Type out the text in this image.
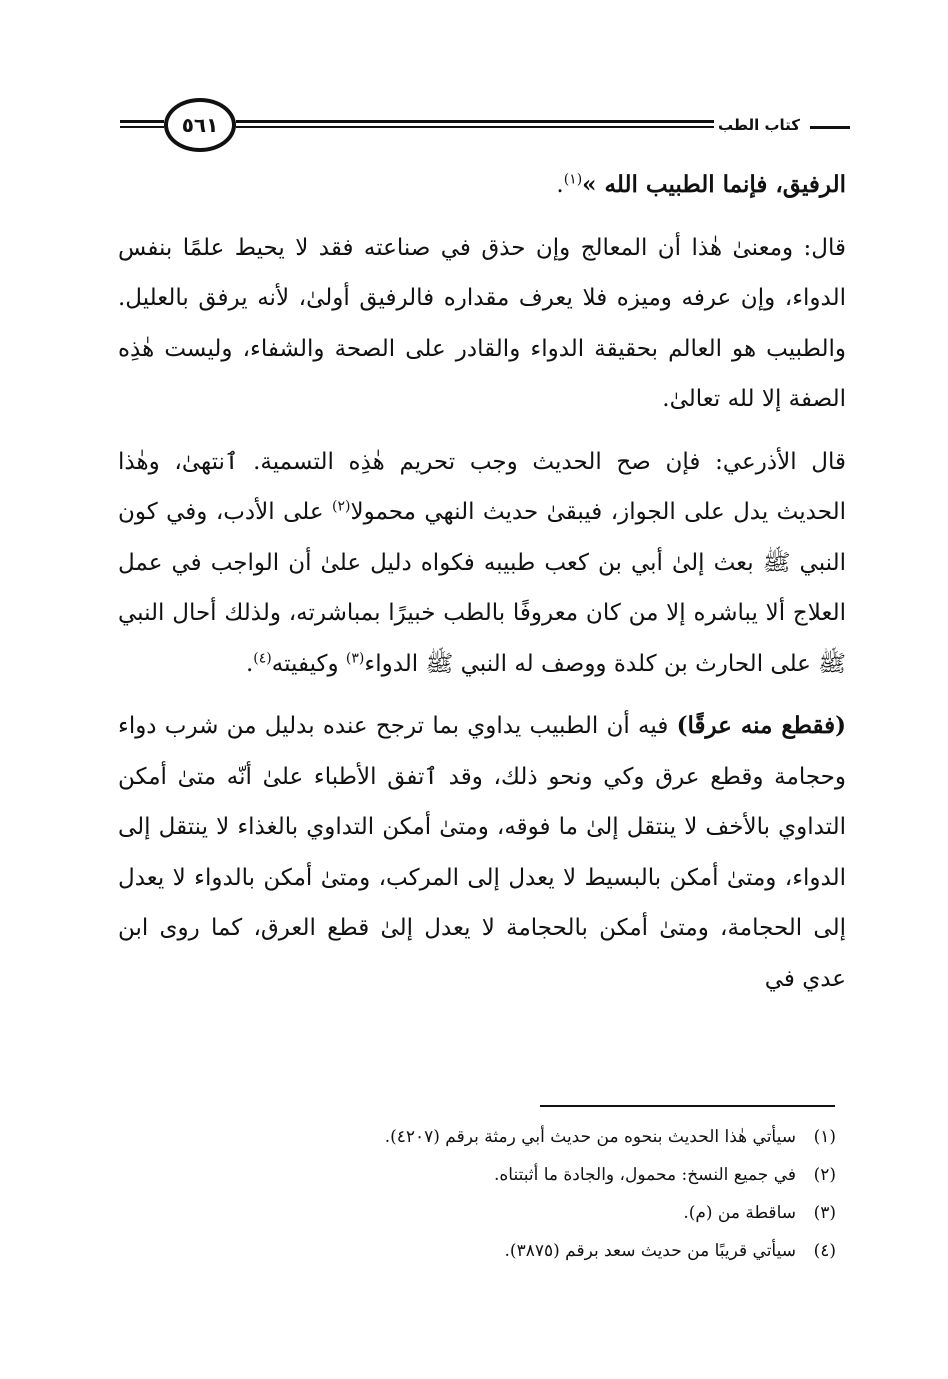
كتاب الطب
٥٦١

الرفيق، فإنما الطبيب الله »$^{(١)}$.

قال: ومعنىٰ هٰذا أن المعالج وإن حذق في صناعته فقد لا يحيط علمًا بنفس الدواء، وإن عرفه وميزه فلا يعرف مقداره فالرفيق أولىٰ، لأنه يرفق بالعليل. والطبيب هو العالم بحقيقة الدواء والقادر على الصحة والشفاء، وليست هٰذِه الصفة إلا لله تعالىٰ.

قال الأذرعي: فإن صح الحديث وجب تحريم هٰذِه التسمية. ٱنتهىٰ، وهٰذا الحديث يدل على الجواز، فيبقىٰ حديث النهي محمولا$^{(٢)}$ على الأدب، وفي كون النبي ﷺ بعث إلىٰ أبي بن كعب طبيبه فكواه دليل علىٰ أن الواجب في عمل العلاج ألا يباشره إلا من كان معروفًا بالطب خبيرًا بمباشرته، ولذلك أحال النبي ﷺ على الحارث بن كلدة ووصف له النبي ﷺ الدواء$^{(٣)}$ وكيفيته$^{(٤)}$.

(فقطع منه عرقًا) فيه أن الطبيب يداوي بما ترجح عنده بدليل من شرب دواء وحجامة وقطع عرق وكي ونحو ذلك، وقد ٱتفق الأطباء علىٰ أنّه متىٰ أمكن التداوي بالأخف لا ينتقل إلىٰ ما فوقه، ومتىٰ أمكن التداوي بالغذاء لا ينتقل إلى الدواء، ومتىٰ أمكن بالبسيط لا يعدل إلى المركب، ومتىٰ أمكن بالدواء لا يعدل إلى الحجامة، ومتىٰ أمكن بالحجامة لا يعدل إلىٰ قطع العرق، كما روى ابن عدي في

(١)
سيأتي هٰذا الحديث بنحوه من حديث أبي رمثة برقم (٤٢٠٧).
(٢)
في جميع النسخ: محمول، والجادة ما أثبتناه.
(٣)
ساقطة من (م).
(٤)
سيأتي قريبًا من حديث سعد برقم (٣٨٧٥).
